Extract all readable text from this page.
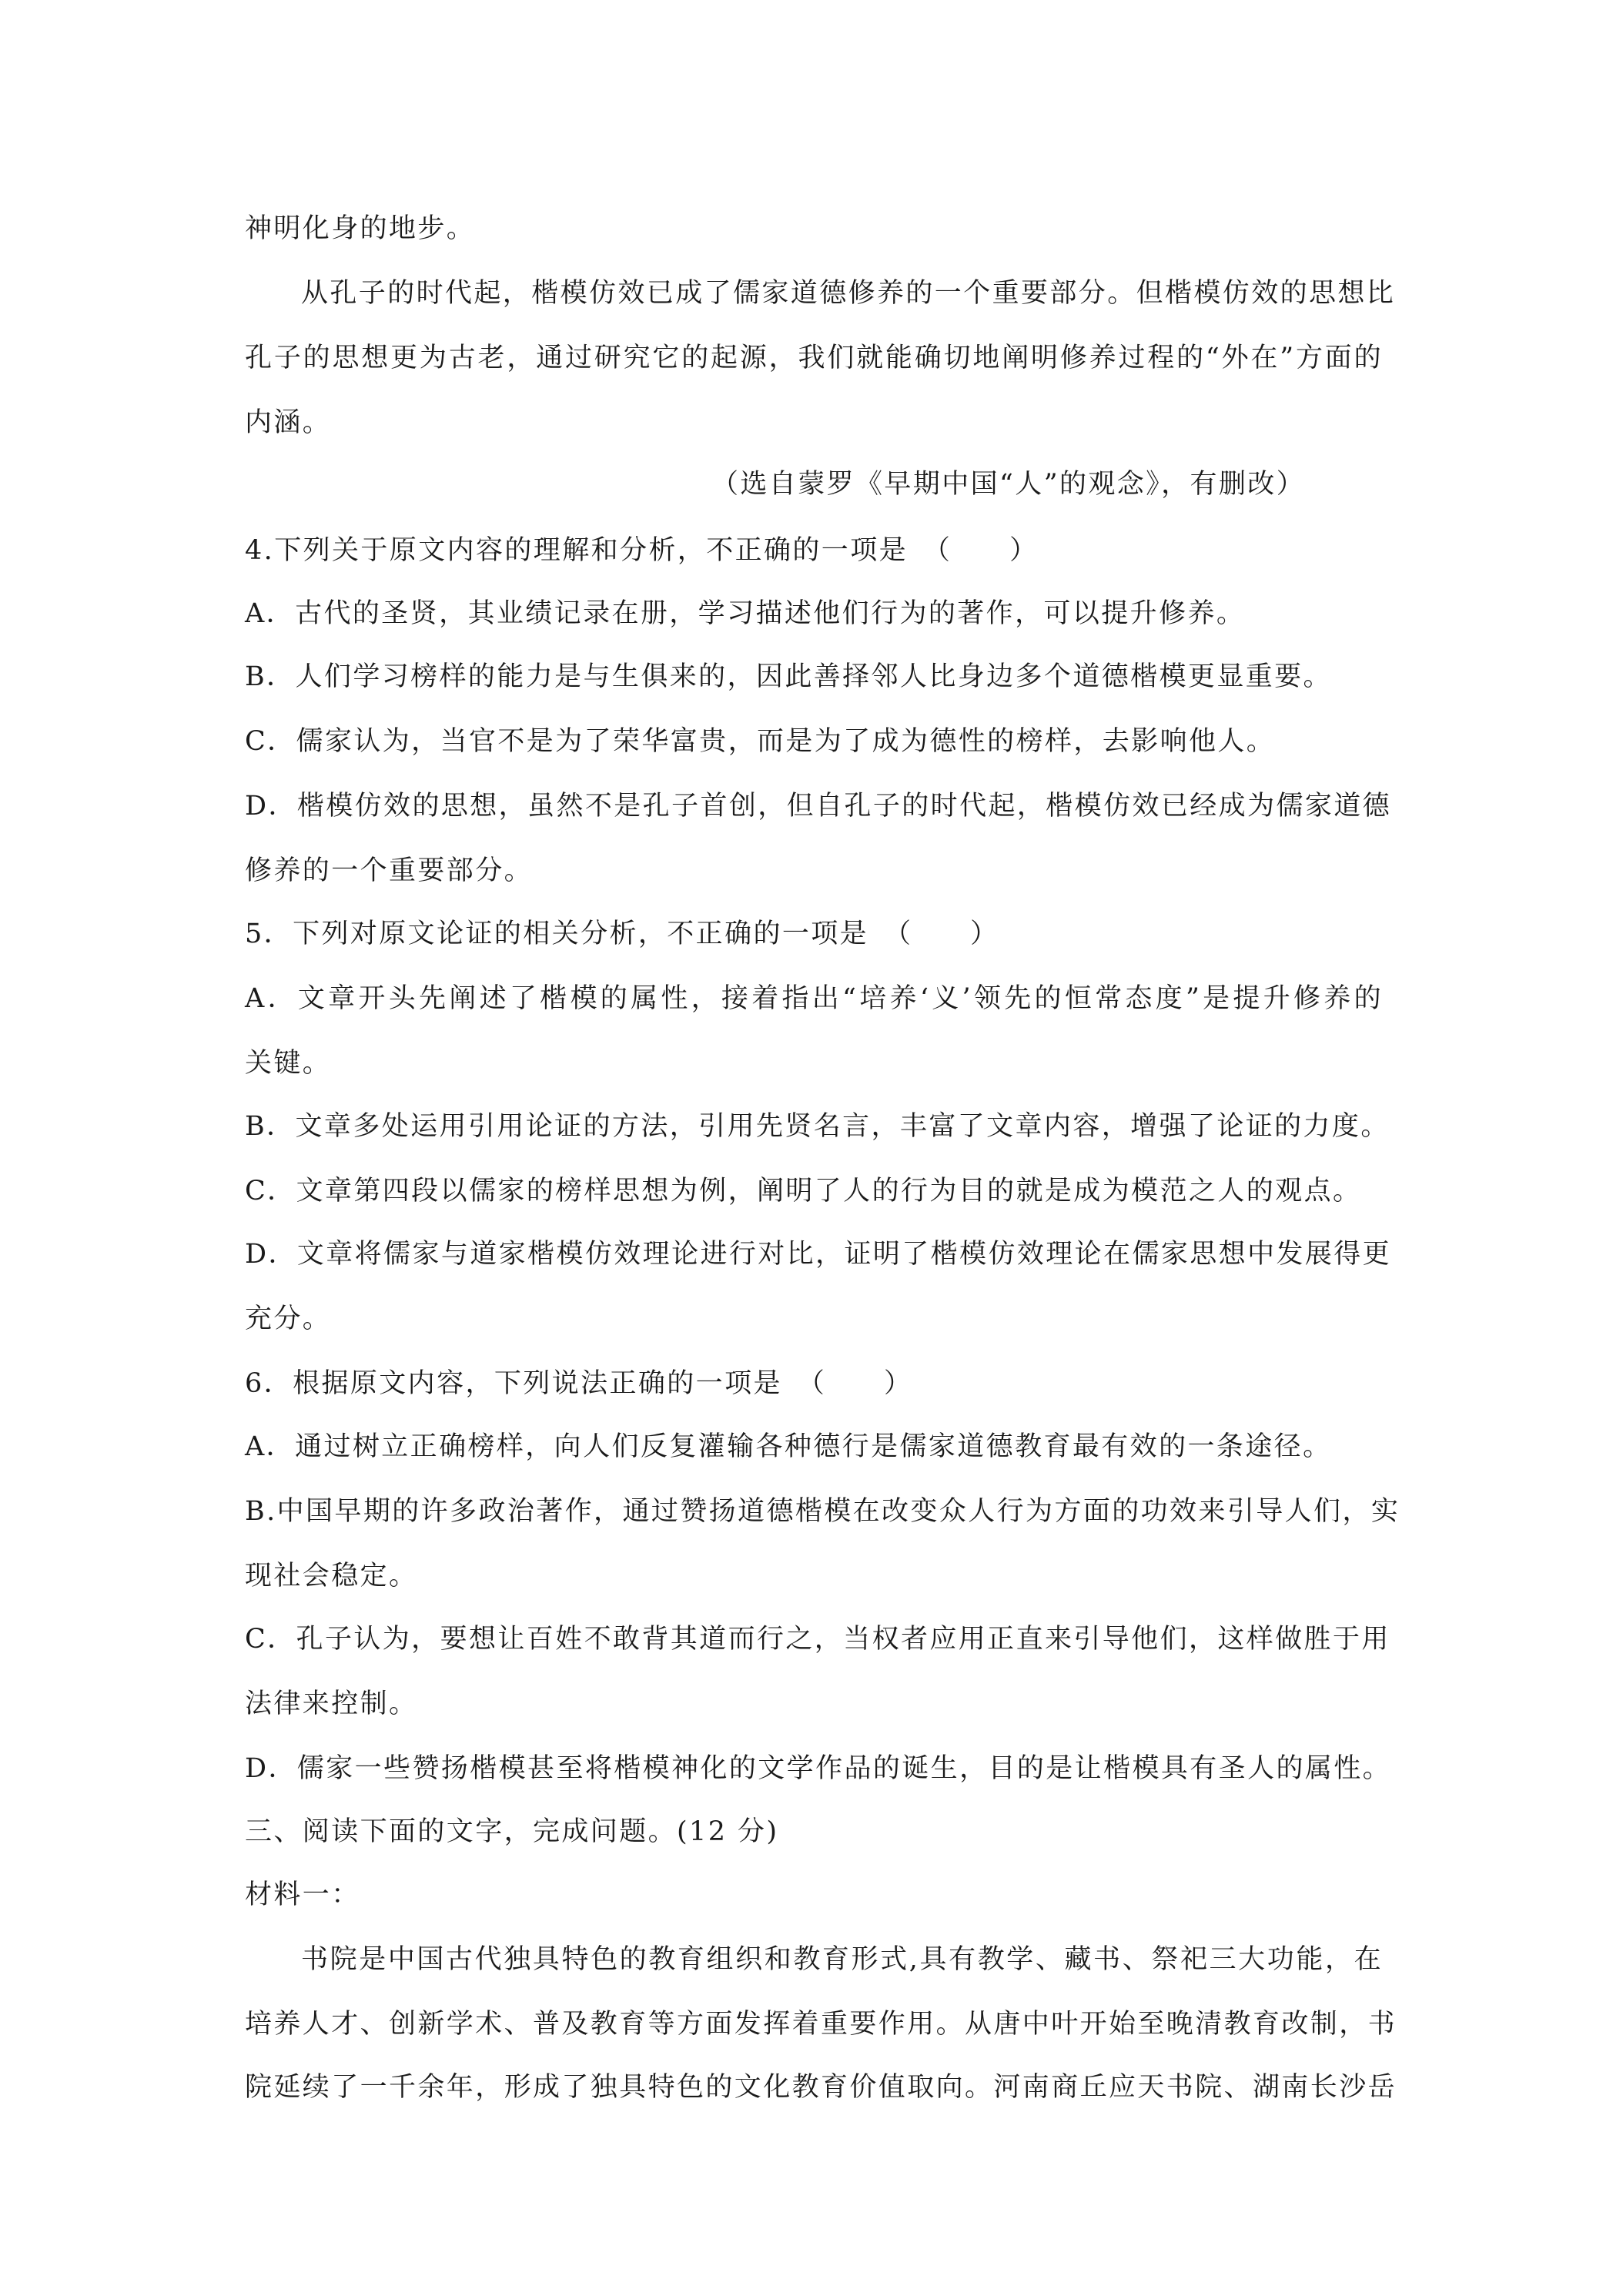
神明化身的地步。
从孔子的时代起，楷模仿效已成了儒家道德修养的一个重要部分。但楷模仿效的思想比
孔子的思想更为古老，通过研究它的起源，我们就能确切地阐明修养过程的“外在”方面的
内涵。
（选自蒙罗《早期中国“人”的观念》，有删改）
4.下列关于原文内容的理解和分析，不正确的一项是　（　　）
A．古代的圣贤，其业绩记录在册，学习描述他们行为的著作，可以提升修养。
B．人们学习榜样的能力是与生俱来的，因此善择邻人比身边多个道德楷模更显重要。
C．儒家认为，当官不是为了荣华富贵，而是为了成为德性的榜样，去影响他人。
D．楷模仿效的思想，虽然不是孔子首创，但自孔子的时代起，楷模仿效已经成为儒家道德
修养的一个重要部分。
5．下列对原文论证的相关分析，不正确的一项是　（　　）
A．文章开头先阐述了楷模的属性，接着指出“培养‘义’领先的恒常态度”是提升修养的
关键。
B．文章多处运用引用论证的方法，引用先贤名言，丰富了文章内容，增强了论证的力度。
C．文章第四段以儒家的榜样思想为例，阐明了人的行为目的就是成为模范之人的观点。
D．文章将儒家与道家楷模仿效理论进行对比，证明了楷模仿效理论在儒家思想中发展得更
充分。
6．根据原文内容，下列说法正确的一项是　（　　）
A．通过树立正确榜样，向人们反复灌输各种德行是儒家道德教育最有效的一条途径。
B.中国早期的许多政治著作，通过赞扬道德楷模在改变众人行为方面的功效来引导人们，实
现社会稳定。
C．孔子认为，要想让百姓不敢背其道而行之，当权者应用正直来引导他们，这样做胜于用
法律来控制。
D．儒家一些赞扬楷模甚至将楷模神化的文学作品的诞生，目的是让楷模具有圣人的属性。
三、阅读下面的文字，完成问题。(12 分)
材料一：
书院是中国古代独具特色的教育组织和教育形式,具有教学、藏书、祭祀三大功能，在
培养人才、创新学术、普及教育等方面发挥着重要作用。从唐中叶开始至晚清教育改制，书
院延续了一千余年，形成了独具特色的文化教育价值取向。河南商丘应天书院、湖南长沙岳
